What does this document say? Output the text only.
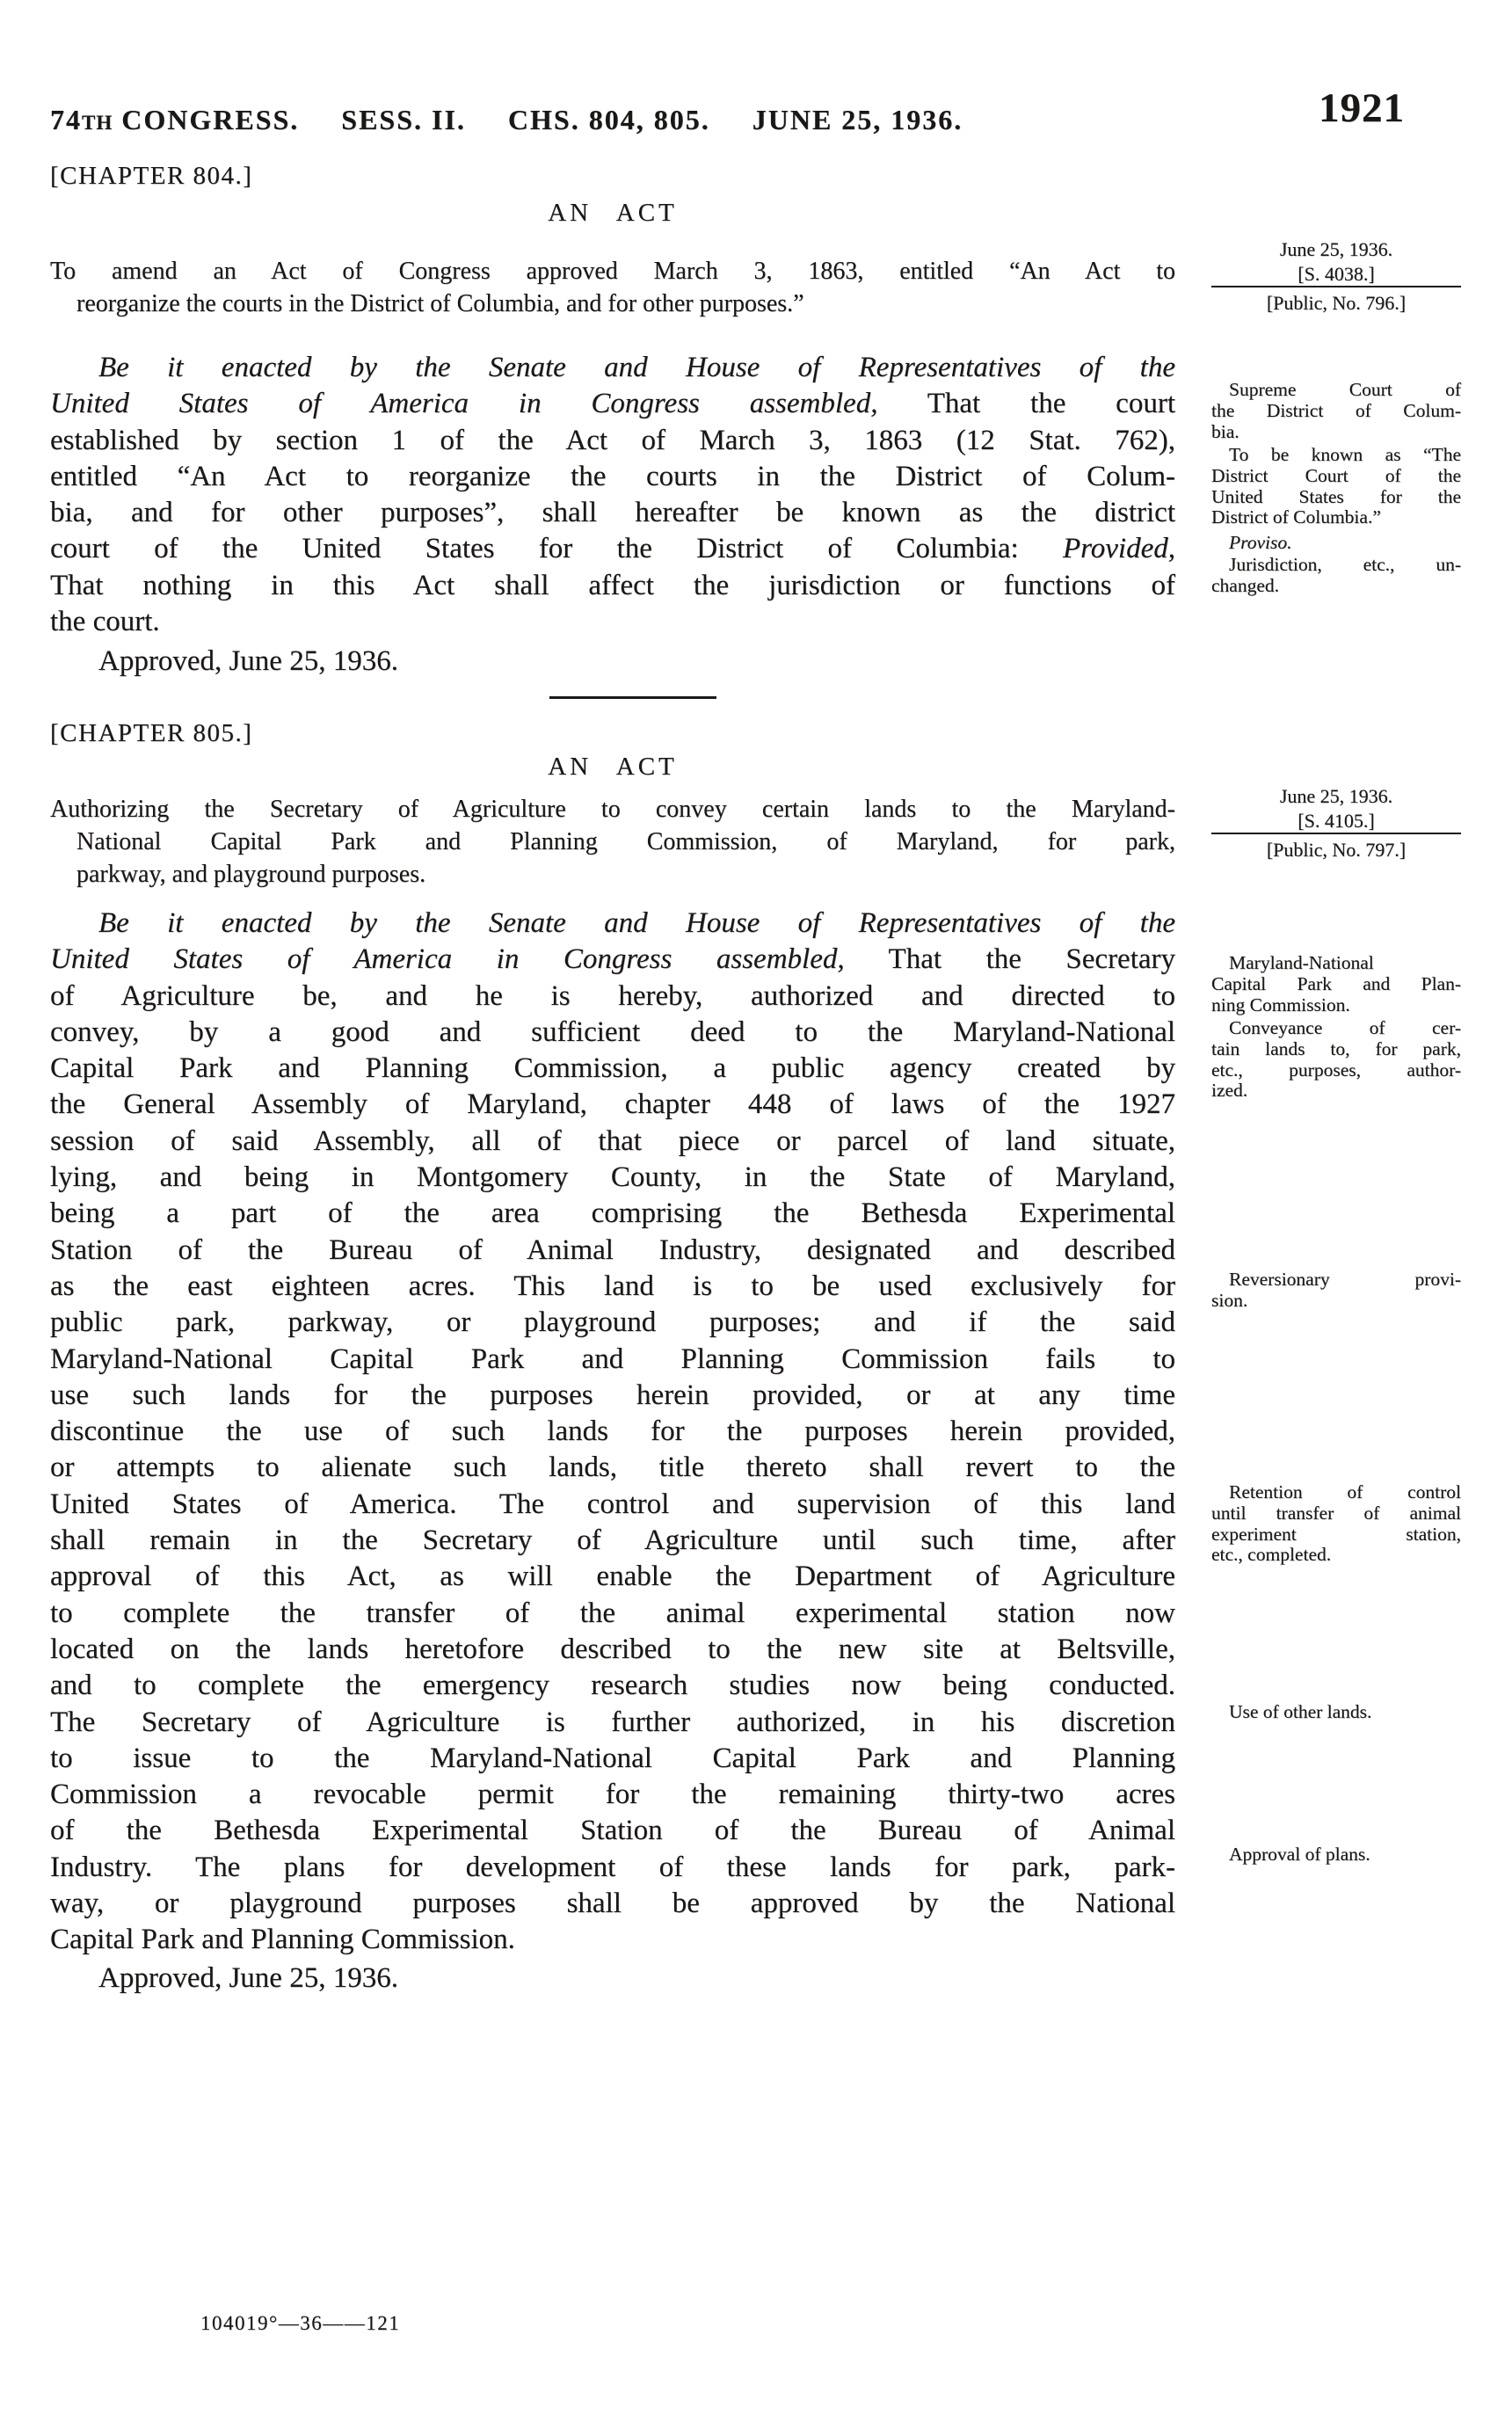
74TH CONGRESS. SESS. II. CHS. 804, 805. JUNE 25, 1936.	1921
[CHAPTER 804.]
AN ACT
To amend an Act of Congress approved March 3, 1863, entitled “An Act to
reorganize the courts in the District of Columbia, and for other purposes.”
June 25, 1936.
[S. 4038.]
[Public, No. 796.]
Be it enacted by the Senate and House of Representatives of the
United States of America in Congress assembled, That the court
established by section 1 of the Act of March 3, 1863 (12 Stat. 762),
entitled “An Act to reorganize the courts in the District of Colum-
bia, and for other purposes”, shall hereafter be known as the district
court of the United States for the District of Columbia: Provided,
That nothing in this Act shall affect the jurisdiction or functions of
the court.
Approved, June 25, 1936.
Supreme Court of
the District of Colum-
bia.
To be known as “The
District Court of the
United States for the
District of Columbia.”
Proviso.
Jurisdiction, etc., un-
changed.
[CHAPTER 805.]
AN ACT
Authorizing the Secretary of Agriculture to convey certain lands to the Maryland-
National Capital Park and Planning Commission, of Maryland, for park,
parkway, and playground purposes.
June 25, 1936.
[S. 4105.]
[Public, No. 797.]
Be it enacted by the Senate and House of Representatives of the
United States of America in Congress assembled, That the Secretary
of Agriculture be, and he is hereby, authorized and directed to
convey, by a good and sufficient deed to the Maryland-National
Capital Park and Planning Commission, a public agency created by
the General Assembly of Maryland, chapter 448 of laws of the 1927
session of said Assembly, all of that piece or parcel of land situate,
lying, and being in Montgomery County, in the State of Maryland,
being a part of the area comprising the Bethesda Experimental
Station of the Bureau of Animal Industry, designated and described
as the east eighteen acres. This land is to be used exclusively for
public park, parkway, or playground purposes; and if the said
Maryland-National Capital Park and Planning Commission fails to
use such lands for the purposes herein provided, or at any time
discontinue the use of such lands for the purposes herein provided,
or attempts to alienate such lands, title thereto shall revert to the
United States of America. The control and supervision of this land
shall remain in the Secretary of Agriculture until such time, after
approval of this Act, as will enable the Department of Agriculture
to complete the transfer of the animal experimental station now
located on the lands heretofore described to the new site at Beltsville,
and to complete the emergency research studies now being conducted.
The Secretary of Agriculture is further authorized, in his discretion
to issue to the Maryland-National Capital Park and Planning
Commission a revocable permit for the remaining thirty-two acres
of the Bethesda Experimental Station of the Bureau of Animal
Industry. The plans for development of these lands for park, park-
way, or playground purposes shall be approved by the National
Capital Park and Planning Commission.
Approved, June 25, 1936.
Maryland-National
Capital Park and Plan-
ning Commission.
Conveyance of cer-
tain lands to, for park,
etc., purposes, author-
ized.
Reversionary provi-
sion.
Retention of control
until transfer of animal
experiment station,
etc., completed.
Use of other lands.
Approval of plans.
104019°—36——121
